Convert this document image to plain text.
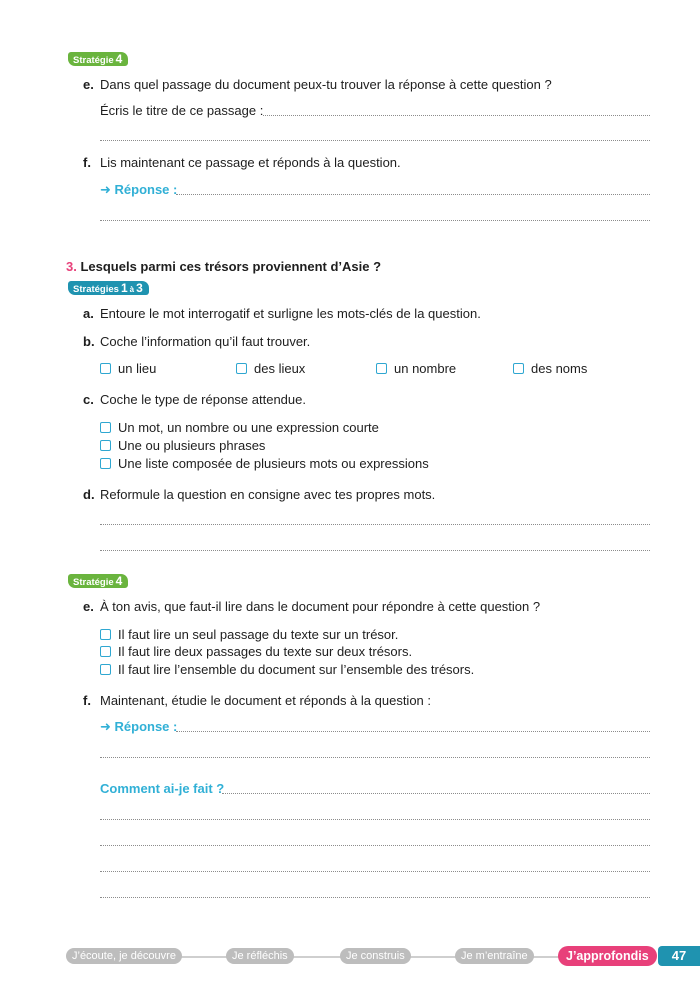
Stratégie 4
e. Dans quel passage du document peux-tu trouver la réponse à cette question ?
Écris le titre de ce passage :
f. Lis maintenant ce passage et réponds à la question.
➜ Réponse :
3. Lesquels parmi ces trésors proviennent d’Asie ?
Stratégies 1 à 3
a. Entoure le mot interrogatif et surligne les mots-clés de la question.
b. Coche l’information qu’il faut trouver.
un lieu	des lieux	un nombre	des noms
c. Coche le type de réponse attendue.
Un mot, un nombre ou une expression courte
Une ou plusieurs phrases
Une liste composée de plusieurs mots ou expressions
d. Reformule la question en consigne avec tes propres mots.
Stratégie 4
e. À ton avis, que faut-il lire dans le document pour répondre à cette question ?
Il faut lire un seul passage du texte sur un trésor.
Il faut lire deux passages du texte sur deux trésors.
Il faut lire l’ensemble du document sur l’ensemble des trésors.
f. Maintenant, étudie le document et réponds à la question :
➜ Réponse :
Comment ai-je fait ?
J’écoute, je découvre	Je réfléchis	Je construis	Je m’entraîne	J’approfondis	47
